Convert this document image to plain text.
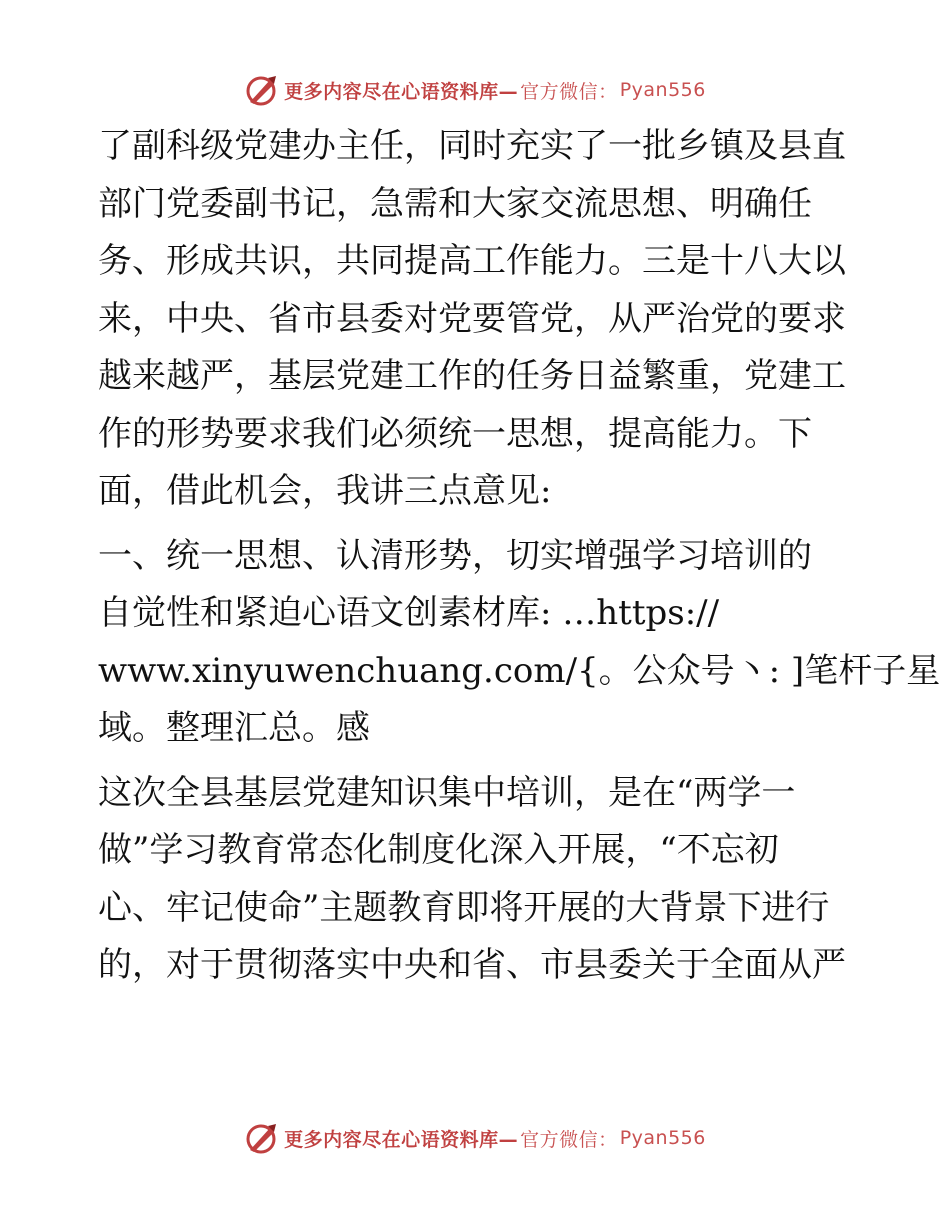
更多内容尽在心语资料库— 官方微信： Pyan556

了副科级党建办主任，同时充实了一批乡镇及县直
部门党委副书记，急需和大家交流思想、明确任
务、形成共识，共同提高工作能力。三是十八大以
来，中央、省市县委对党要管党，从严治党的要求
越来越严，基层党建工作的任务日益繁重，党建工
作的形势要求我们必须统一思想，提高能力。下
面，借此机会，我讲三点意见:

一、统一思想、认清形势，切实增强学习培训的
自觉性和紧迫心语文创素材库: …https://
www.xinyuwenchuang.com/{。公众号丶: ]笔杆子星
域。整理汇总。感

这次全县基层党建知识集中培训，是在“两学一
做”学习教育常态化制度化深入开展，“不忘初
心、牢记使命”主题教育即将开展的大背景下进行
的，对于贯彻落实中央和省、市县委关于全面从严

更多内容尽在心语资料库— 官方微信： Pyan556
